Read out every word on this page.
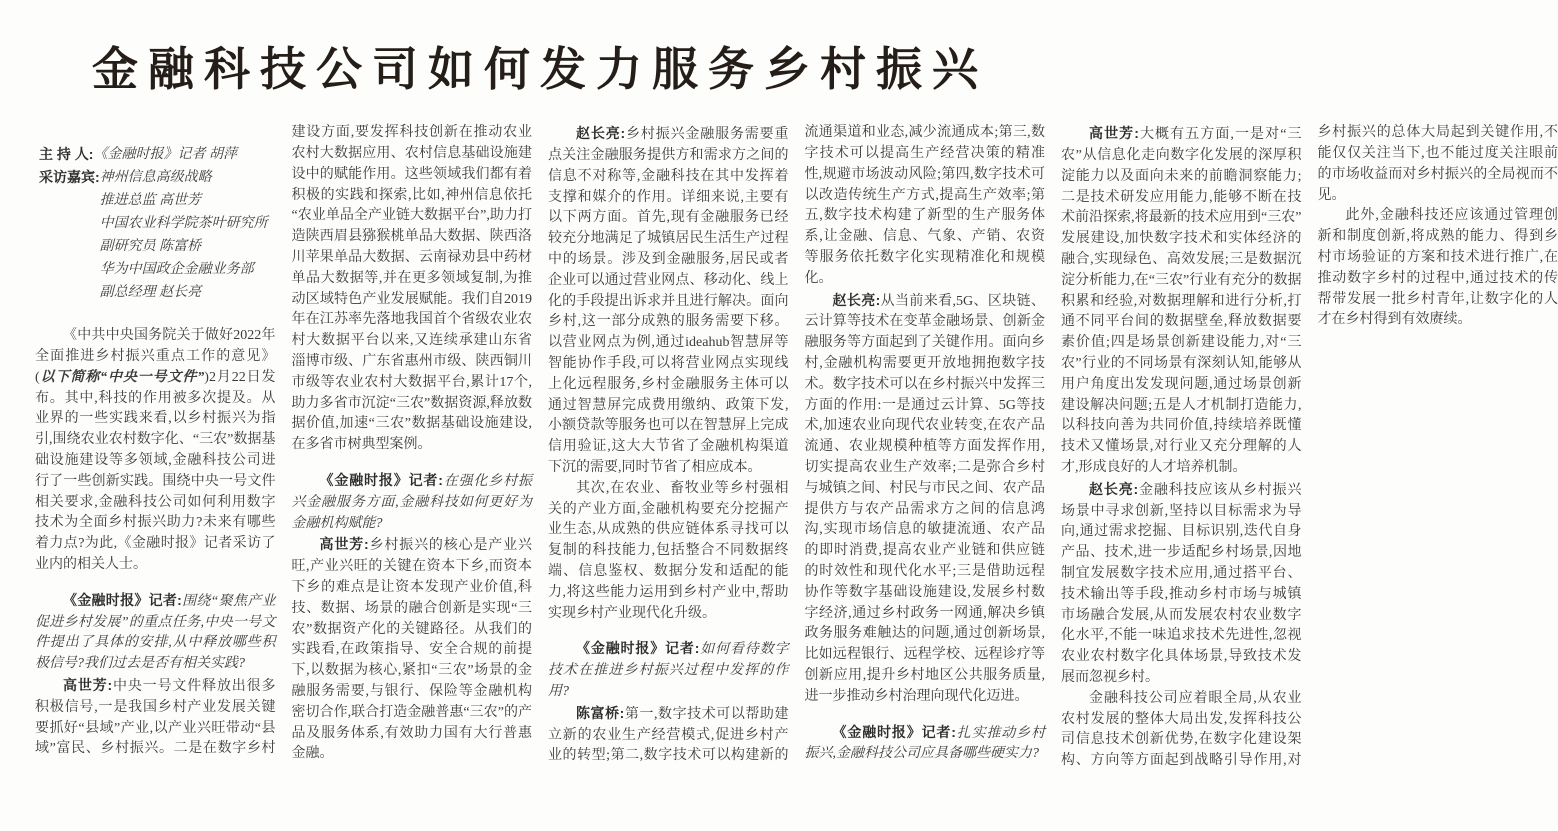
金融科技公司如何发力服务乡村振兴
主 持 人: 《金融时报》记者 胡萍
采访嘉宾: 神州信息高级战略
推进总监 高世芳
中国农业科学院茶叶研究所
副研究员 陈富桥
华为中国政企金融业务部
副总经理 赵长亮

《中共中央国务院关于做好2022年全面推进乡村振兴重点工作的意见》(以下简称“中央一号文件”)2月22日发布。其中,科技的作用被多次提及。从业界的一些实践来看,以乡村振兴为指引,围绕农业农村数字化、“三农”数据基础设施建设等多领域,金融科技公司进行了一些创新实践。围绕中央一号文件相关要求,金融科技公司如何利用数字技术为全面乡村振兴助力?未来有哪些着力点?为此,《金融时报》记者采访了业内的相关人士。

《金融时报》记者:围绕“聚焦产业促进乡村发展”的重点任务,中央一号文件提出了具体的安排,从中释放哪些积极信号?我们过去是否有相关实践?

高世芳:中央一号文件释放出很多积极信号,一是我国乡村产业发展关键要抓好“县域”产业,以产业兴旺带动“县域”富民、乡村振兴。二是在数字乡村建设方面,要发挥科技创新在推动农业农村大数据应用、农村信息基础设施建设中的赋能作用。这些领域我们都有着积极的实践和探索,比如,神州信息依托“农业单品全产业链大数据平台”,助力打造陕西眉县猕猴桃单品大数据、陕西洛川苹果单品大数据、云南禄劝县中药材单品大数据等,并在更多领域复制,为推动区域特色产业发展赋能。我们自2019年在江苏率先落地我国首个省级农业农村大数据平台以来,又连续承建山东省淄博市级、广东省惠州市级、陕西铜川市级等农业农村大数据平台,累计17个,助力多省市沉淀“三农”数据资源,释放数据价值,加速“三农”数据基础设施建设,在多省市树典型案例。

《金融时报》记者:在强化乡村振兴金融服务方面,金融科技如何更好为金融机构赋能?

高世芳:乡村振兴的核心是产业兴旺,产业兴旺的关键在资本下乡,而资本下乡的难点是让资本发现产业价值,科技、数据、场景的融合创新是实现“三农”数据资产化的关键路径。从我们的实践看,在政策指导、安全合规的前提下,以数据为核心,紧扣“三农”场景的金融服务需要,与银行、保险等金融机构密切合作,联合打造金融普惠“三农”的产品及服务体系,有效助力国有大行普惠金融。

赵长亮:乡村振兴金融服务需要重点关注金融服务提供方和需求方之间的信息不对称等,金融科技在其中发挥着支撑和媒介的作用。详细来说,主要有以下两方面。首先,现有金融服务已经较充分地满足了城镇居民生活生产过程中的场景。涉及到金融服务,居民或者企业可以通过营业网点、移动化、线上化的手段提出诉求并且进行解决。面向乡村,这一部分成熟的服务需要下移。以营业网点为例,通过ideahub智慧屏等智能协作手段,可以将营业网点实现线上化远程服务,乡村金融服务主体可以通过智慧屏完成费用缴纳、政策下发,小额贷款等服务也可以在智慧屏上完成信用验证,这大大节省了金融机构渠道下沉的需要,同时节省了相应成本。

其次,在农业、畜牧业等乡村强相关的产业方面,金融机构要充分挖掘产业生态,从成熟的供应链体系寻找可以复制的科技能力,包括整合不同数据终端、信息鉴权、数据分发和适配的能力,将这些能力运用到乡村产业中,帮助实现乡村产业现代化升级。

《金融时报》记者:如何看待数字技术在推进乡村振兴过程中发挥的作用?

陈富桥:第一,数字技术可以帮助建立新的农业生产经营模式,促进乡村产业的转型;第二,数字技术可以构建新的流通渠道和业态,减少流通成本;第三,数字技术可以提高生产经营决策的精准性,规避市场波动风险;第四,数字技术可以改造传统生产方式,提高生产效率;第五,数字技术构建了新型的生产服务体系,让金融、信息、气象、产销、农资等服务依托数字化实现精准化和规模化。

赵长亮:从当前来看,5G、区块链、云计算等技术在变革金融场景、创新金融服务等方面起到了关键作用。面向乡村,金融机构需要更开放地拥抱数字技术。数字技术可以在乡村振兴中发挥三方面的作用:一是通过云计算、5G等技术,加速农业向现代农业转变,在农产品流通、农业规模种植等方面发挥作用,切实提高农业生产效率;二是弥合乡村与城镇之间、村民与市民之间、农产品提供方与农产品需求方之间的信息鸿沟,实现市场信息的敏捷流通、农产品的即时消费,提高农业产业链和供应链的时效性和现代化水平;三是借助远程协作等数字基础设施建设,发展乡村数字经济,通过乡村政务一网通,解决乡镇政务服务难触达的问题,通过创新场景,比如远程银行、远程学校、远程诊疗等创新应用,提升乡村地区公共服务质量,进一步推动乡村治理向现代化迈进。

《金融时报》记者:扎实推动乡村振兴,金融科技公司应具备哪些硬实力?

高世芳:大概有五方面,一是对“三农”从信息化走向数字化发展的深厚积淀能力以及面向未来的前瞻洞察能力;二是技术研发应用能力,能够不断在技术前沿探索,将最新的技术应用到“三农”发展建设,加快数字技术和实体经济的融合,实现绿色、高效发展;三是数据沉淀分析能力,在“三农”行业有充分的数据积累和经验,对数据理解和进行分析,打通不同平台间的数据壁垒,释放数据要素价值;四是场景创新建设能力,对“三农”行业的不同场景有深刻认知,能够从用户角度出发发现问题,通过场景创新建设解决问题;五是人才机制打造能力,以科技向善为共同价值,持续培养既懂技术又懂场景,对行业又充分理解的人才,形成良好的人才培养机制。

赵长亮:金融科技应该从乡村振兴场景中寻求创新,坚持以目标需求为导向,通过需求挖掘、目标识别,迭代自身产品、技术,进一步适配乡村场景,因地制宜发展数字技术应用,通过搭平台、技术输出等手段,推动乡村市场与城镇市场融合发展,从而发展农村农业数字化水平,不能一味追求技术先进性,忽视农业农村数字化具体场景,导致技术发展而忽视乡村。

金融科技公司应着眼全局,从农业农村发展的整体大局出发,发挥科技公司信息技术创新优势,在数字化建设架构、方向等方面起到战略引导作用,对乡村振兴的总体大局起到关键作用,不能仅仅关注当下,也不能过度关注眼前的市场收益而对乡村振兴的全局视而不见。

此外,金融科技还应该通过管理创新和制度创新,将成熟的能力、得到乡村市场验证的方案和技术进行推广,在推动数字乡村的过程中,通过技术的传帮带发展一批乡村青年,让数字化的人才在乡村得到有效赓续。
